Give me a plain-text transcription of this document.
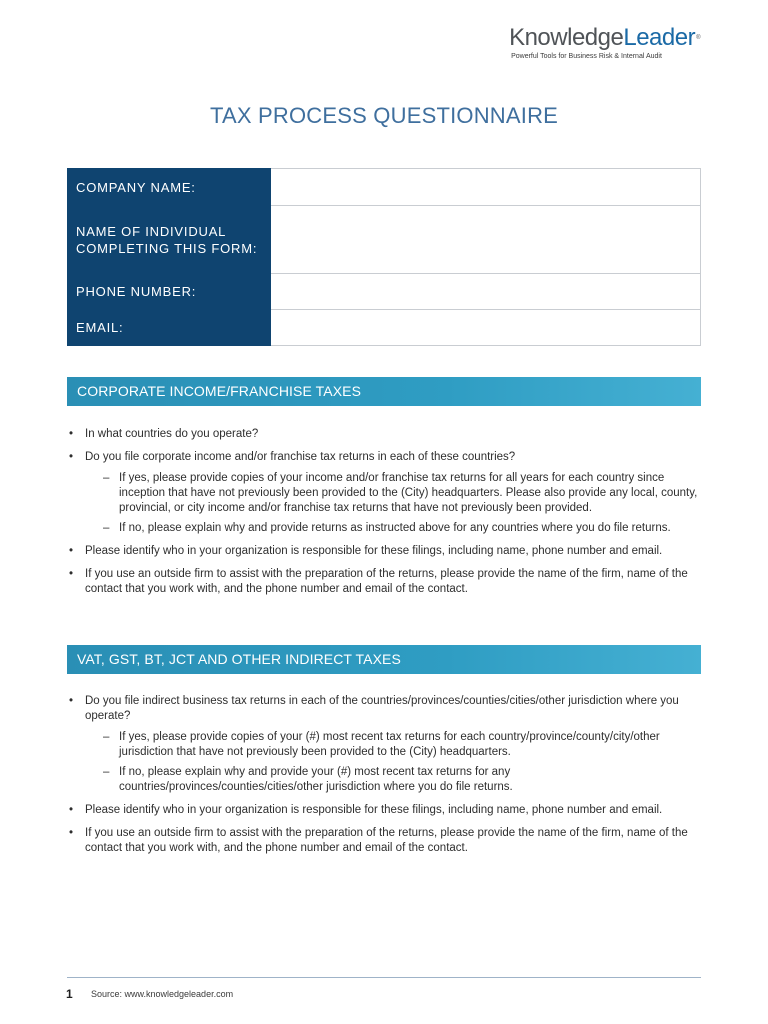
KnowledgeLeader®
Powerful Tools for Business Risk & Internal Audit
TAX PROCESS QUESTIONNAIRE
COMPANY NAME:	
NAME OF INDIVIDUAL COMPLETING THIS FORM:	
PHONE NUMBER:	
EMAIL:	
CORPORATE INCOME/FRANCHISE TAXES
• In what countries do you operate?
• Do you file corporate income and/or franchise tax returns in each of these countries?
– If yes, please provide copies of your income and/or franchise tax returns for all years for each country since inception that have not previously been provided to the (City) headquarters. Please also provide any local, county, provincial, or city income and/or franchise tax returns that have not previously been provided.
– If no, please explain why and provide returns as instructed above for any countries where you do file returns.
• Please identify who in your organization is responsible for these filings, including name, phone number and email.
• If you use an outside firm to assist with the preparation of the returns, please provide the name of the firm, name of the contact that you work with, and the phone number and email of the contact.
VAT, GST, BT, JCT AND OTHER INDIRECT TAXES
• Do you file indirect business tax returns in each of the countries/provinces/counties/cities/other jurisdiction where you operate?
– If yes, please provide copies of your (#) most recent tax returns for each country/province/county/city/other jurisdiction that have not previously been provided to the (City) headquarters.
– If no, please explain why and provide your (#) most recent tax returns for any countries/provinces/counties/cities/other jurisdiction where you do file returns.
• Please identify who in your organization is responsible for these filings, including name, phone number and email.
• If you use an outside firm to assist with the preparation of the returns, please provide the name of the firm, name of the contact that you work with, and the phone number and email of the contact.
1 Source: www.knowledgeleader.com
